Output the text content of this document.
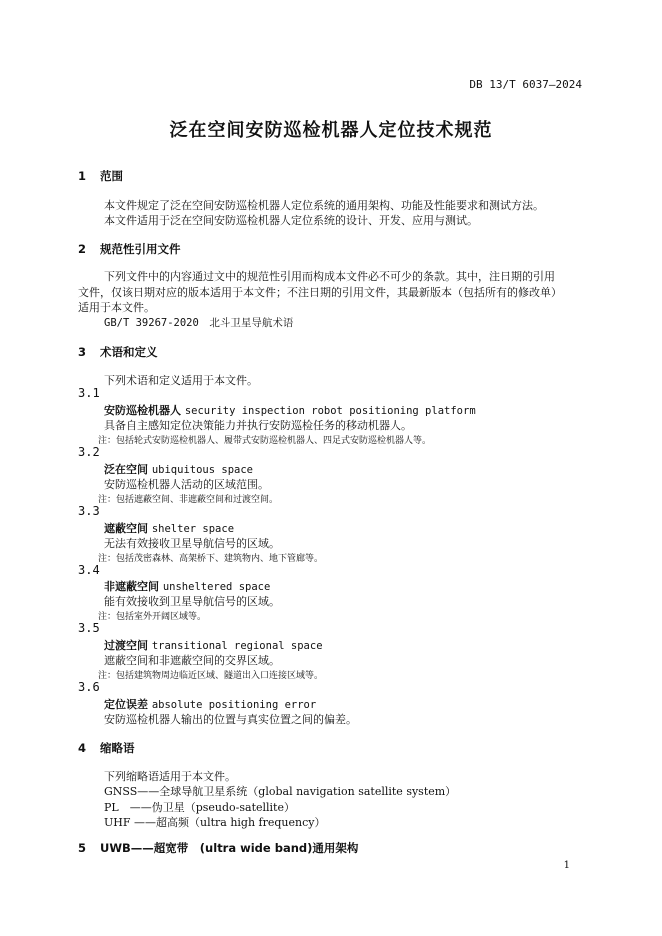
DB 13/T 6037—2024
泛在空间安防巡检机器人定位技术规范
1 范围
本文件规定了泛在空间安防巡检机器人定位系统的通用架构、功能及性能要求和测试方法。
本文件适用于泛在空间安防巡检机器人定位系统的设计、开发、应用与测试。
2 规范性引用文件
下列文件中的内容通过文中的规范性引用而构成本文件必不可少的条款。其中，注日期的引用
文件，仅该日期对应的版本适用于本文件；不注日期的引用文件，其最新版本（包括所有的修改单）
适用于本文件。
GB/T 39267-2020　北斗卫星导航术语
3 术语和定义
下列术语和定义适用于本文件。
3.1
安防巡检机器人 security inspection robot positioning platform
具备自主感知定位决策能力并执行安防巡检任务的移动机器人。
注：包括轮式安防巡检机器人、履带式安防巡检机器人、四足式安防巡检机器人等。
3.2
泛在空间 ubiquitous space
安防巡检机器人活动的区域范围。
注：包括遮蔽空间、非遮蔽空间和过渡空间。
3.3
遮蔽空间 shelter space
无法有效接收卫星导航信号的区域。
注：包括茂密森林、高架桥下、建筑物内、地下管廊等。
3.4
非遮蔽空间 unsheltered space
能有效接收到卫星导航信号的区域。
注：包括室外开阔区域等。
3.5
过渡空间 transitional regional space
遮蔽空间和非遮蔽空间的交界区域。
注：包括建筑物周边临近区域、隧道出入口连接区域等。
3.6
定位误差 absolute positioning error
安防巡检机器人输出的位置与真实位置之间的偏差。
4 缩略语
下列缩略语适用于本文件。
GNSS——全球导航卫星系统（global navigation satellite system）
PL　——伪卫星（pseudo-satellite）
UHF ——超高频（ultra high frequency）
5 UWB——超宽带　(ultra wide band)通用架构
1
